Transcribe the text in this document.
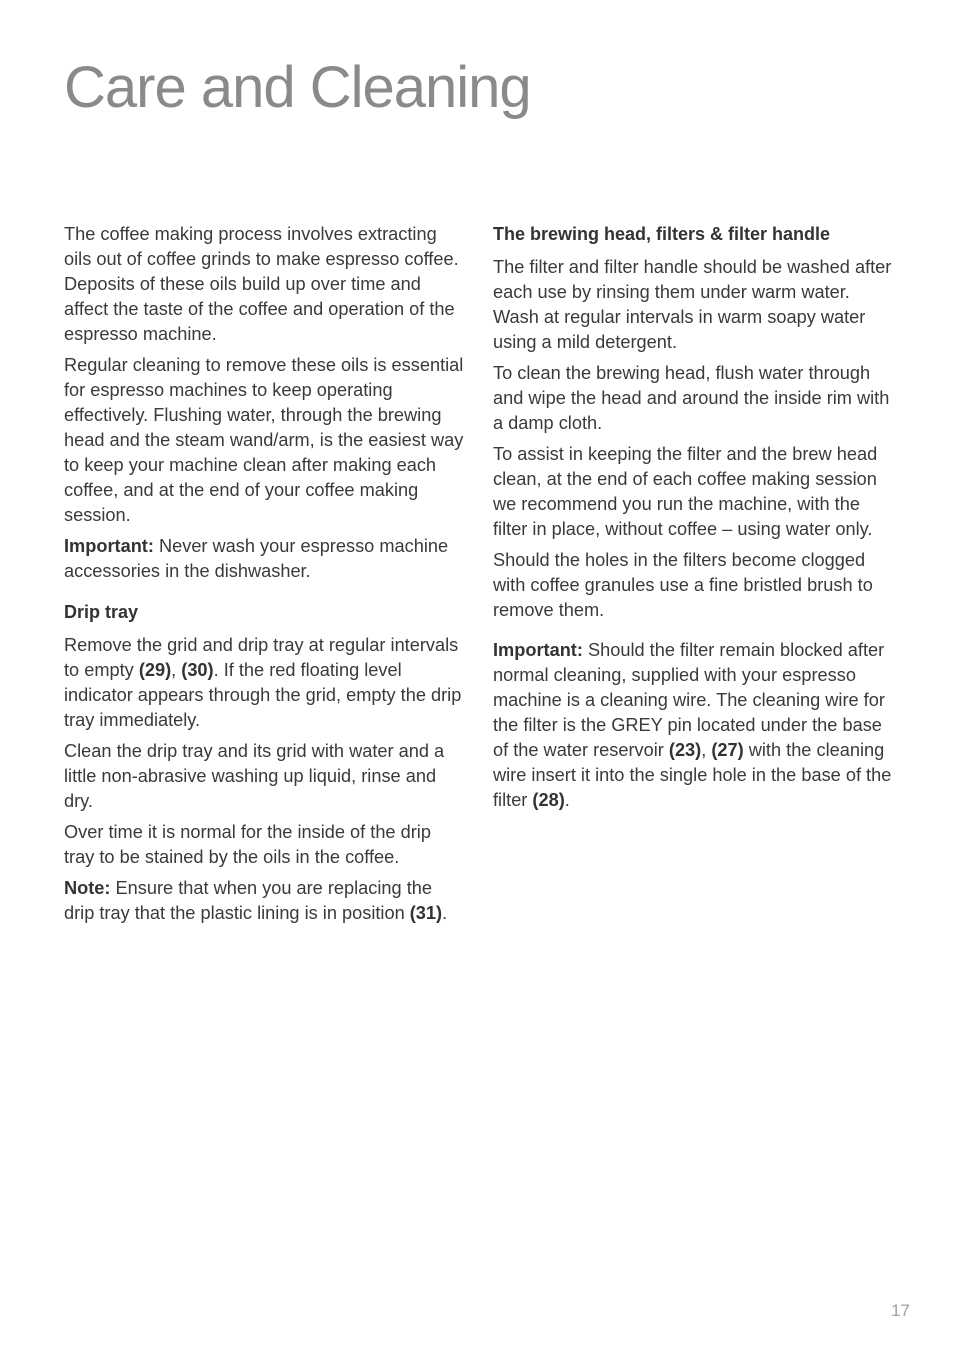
Care and Cleaning

The coffee making process involves extracting oils out of coffee grinds to make espresso coffee. Deposits of these oils build up over time and affect the taste of the coffee and operation of the espresso machine.

Regular cleaning to remove these oils is essential for espresso machines to keep operating effectively. Flushing water, through the brewing head and the steam wand/arm, is the easiest way to keep your machine clean after making each coffee, and at the end of your coffee making session.

Important: Never wash your espresso machine accessories in the dishwasher.

Drip tray

Remove the grid and drip tray at regular intervals to empty (29), (30). If the red floating level indicator appears through the grid, empty the drip tray immediately.

Clean the drip tray and its grid with water and a little non-abrasive washing up liquid, rinse and dry.

Over time it is normal for the inside of the drip tray to be stained by the oils in the coffee.

Note: Ensure that when you are replacing the drip tray that the plastic lining is in position (31).

The brewing head, filters & filter handle

The filter and filter handle should be washed after each use by rinsing them under warm water. Wash at regular intervals in warm soapy water using a mild detergent.

To clean the brewing head, flush water through and wipe the head and around the inside rim with a damp cloth.

To assist in keeping the filter and the brew head clean, at the end of each coffee making session we recommend you run the machine, with the filter in place, without coffee – using water only.

Should the holes in the filters become clogged with coffee granules use a fine bristled brush to remove them.

Important: Should the filter remain blocked after normal cleaning, supplied with your espresso machine is a cleaning wire. The cleaning wire for the filter is the GREY pin located under the base of the water reservoir (23), (27) with the cleaning wire insert it into the single hole in the base of the filter (28).

17
